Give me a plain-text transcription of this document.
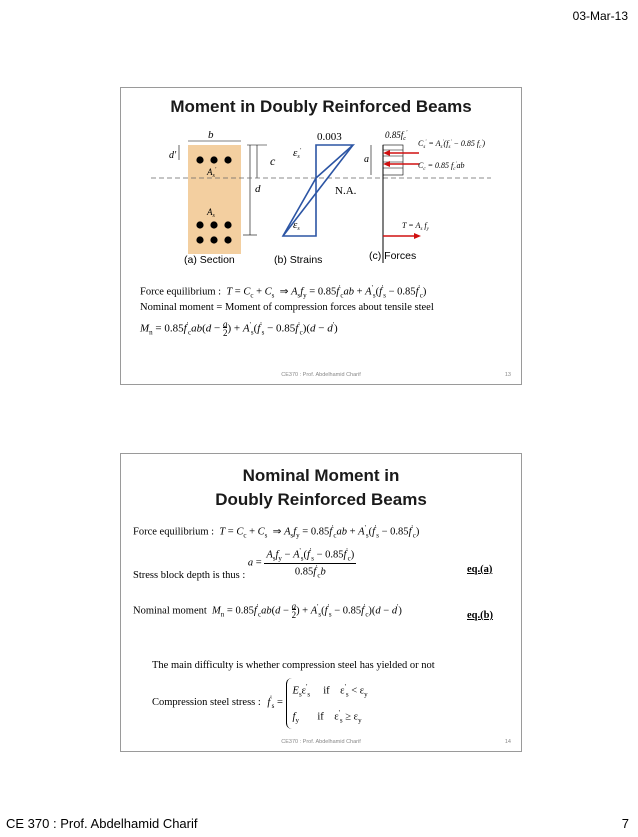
03-Mar-13
Moment in Doubly Reinforced Beams
b
d'
$A_s'$
$A_s$
c
d	N.A.
0.003
εs'
εs
$0.85f_c'$
a
$C_s' = A_s'(f_s' - 0.85$ $f_c'$)
$C_c = 0.85$ $f_c'ab$
$T = A_s$ $f_y$
(a) Section	(b) Strains	(c) Forces
Force equilibrium : $T = C_c + C_s$  ⇒ $A_sf_y = 0.85f'_cab + A'_s(f'_s - 0.85f'_c)$
Nominal moment = Moment of compression forces about tensile steel
$M_n = 0.85f'_cab(d - \frac{a}{2}) + A'_s(f'_s - 0.85f'_c)(d - d')$
CE370 : Prof. Abdelhamid Charif	13
Nominal Moment in
Doubly Reinforced Beams
Force equilibrium : $T = C_c + C_s$  ⇒ $A_sf_y = 0.85f'_cab + A'_s(f'_s - 0.85f'_c)$
Stress block depth is thus : a =
$A_sf_y - A'_s(f'_s - 0.85f'_c)$
$0.85f'_cb$	eq.(a)
Nominal moment $M_n = 0.85f'_cab(d - \frac{a}{2}) + A'_s(f'_s - 0.85f'_c)(d - d')$	eq.(b)
The main difficulty is whether compression steel has yielded or not
Compression steel stress : $f'_s$ =
$E_s\varepsilon'_s$ if    $\varepsilon'_s < \varepsilon_y$
$f_y$ if    $\varepsilon'_s \ge \varepsilon_y$
CE370 : Prof. Abdelhamid Charif	14
CE 370 : Prof. Abdelhamid Charif	7
